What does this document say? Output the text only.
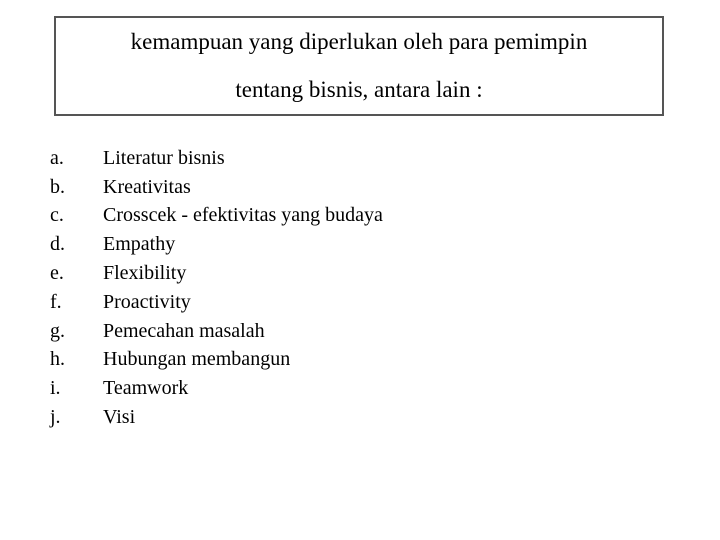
kemampuan yang diperlukan oleh para pemimpin
tentang bisnis, antara lain :
a.	Literatur bisnis
b.	Kreativitas
c.	Crosscek - efektivitas yang budaya
d.	Empathy
e.	Flexibility
f.	Proactivity
g.	Pemecahan masalah
h.	Hubungan membangun
i.	Teamwork
j.	Visi
